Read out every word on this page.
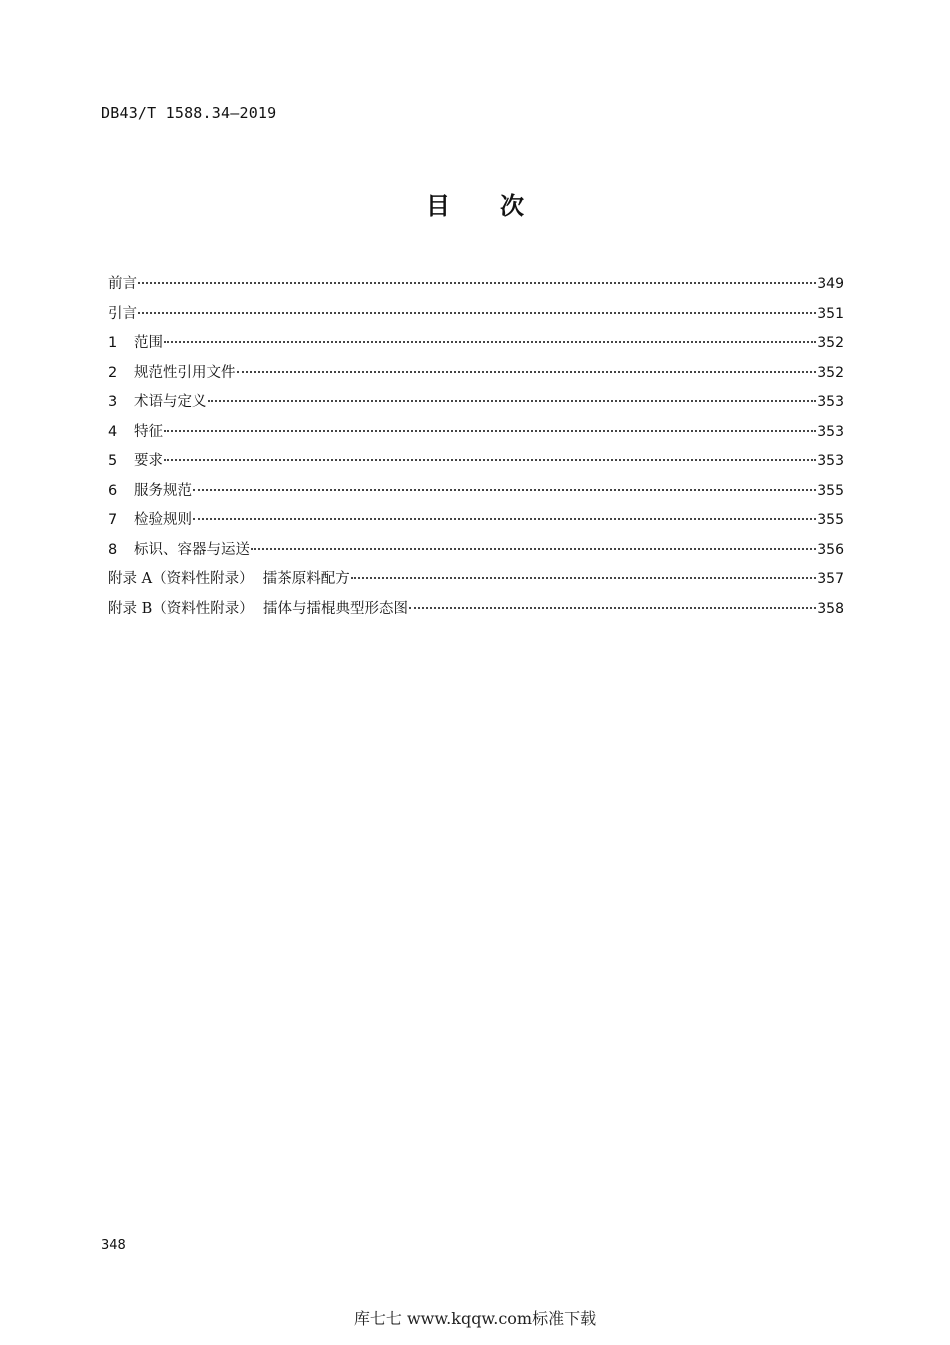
DB43/T 1588.34—2019
目 次
前言	349
引言	351
1	范围	352
2	规范性引用文件	352
3	术语与定义	353
4	特征	353
5	要求	353
6	服务规范	355
7	检验规则	355
8	标识、容器与运送	356
附录 A（资料性附录）  擂茶原料配方	357
附录 B（资料性附录）  擂体与擂棍典型形态图	358
348
库七七 www.kqqw.com标准下载
